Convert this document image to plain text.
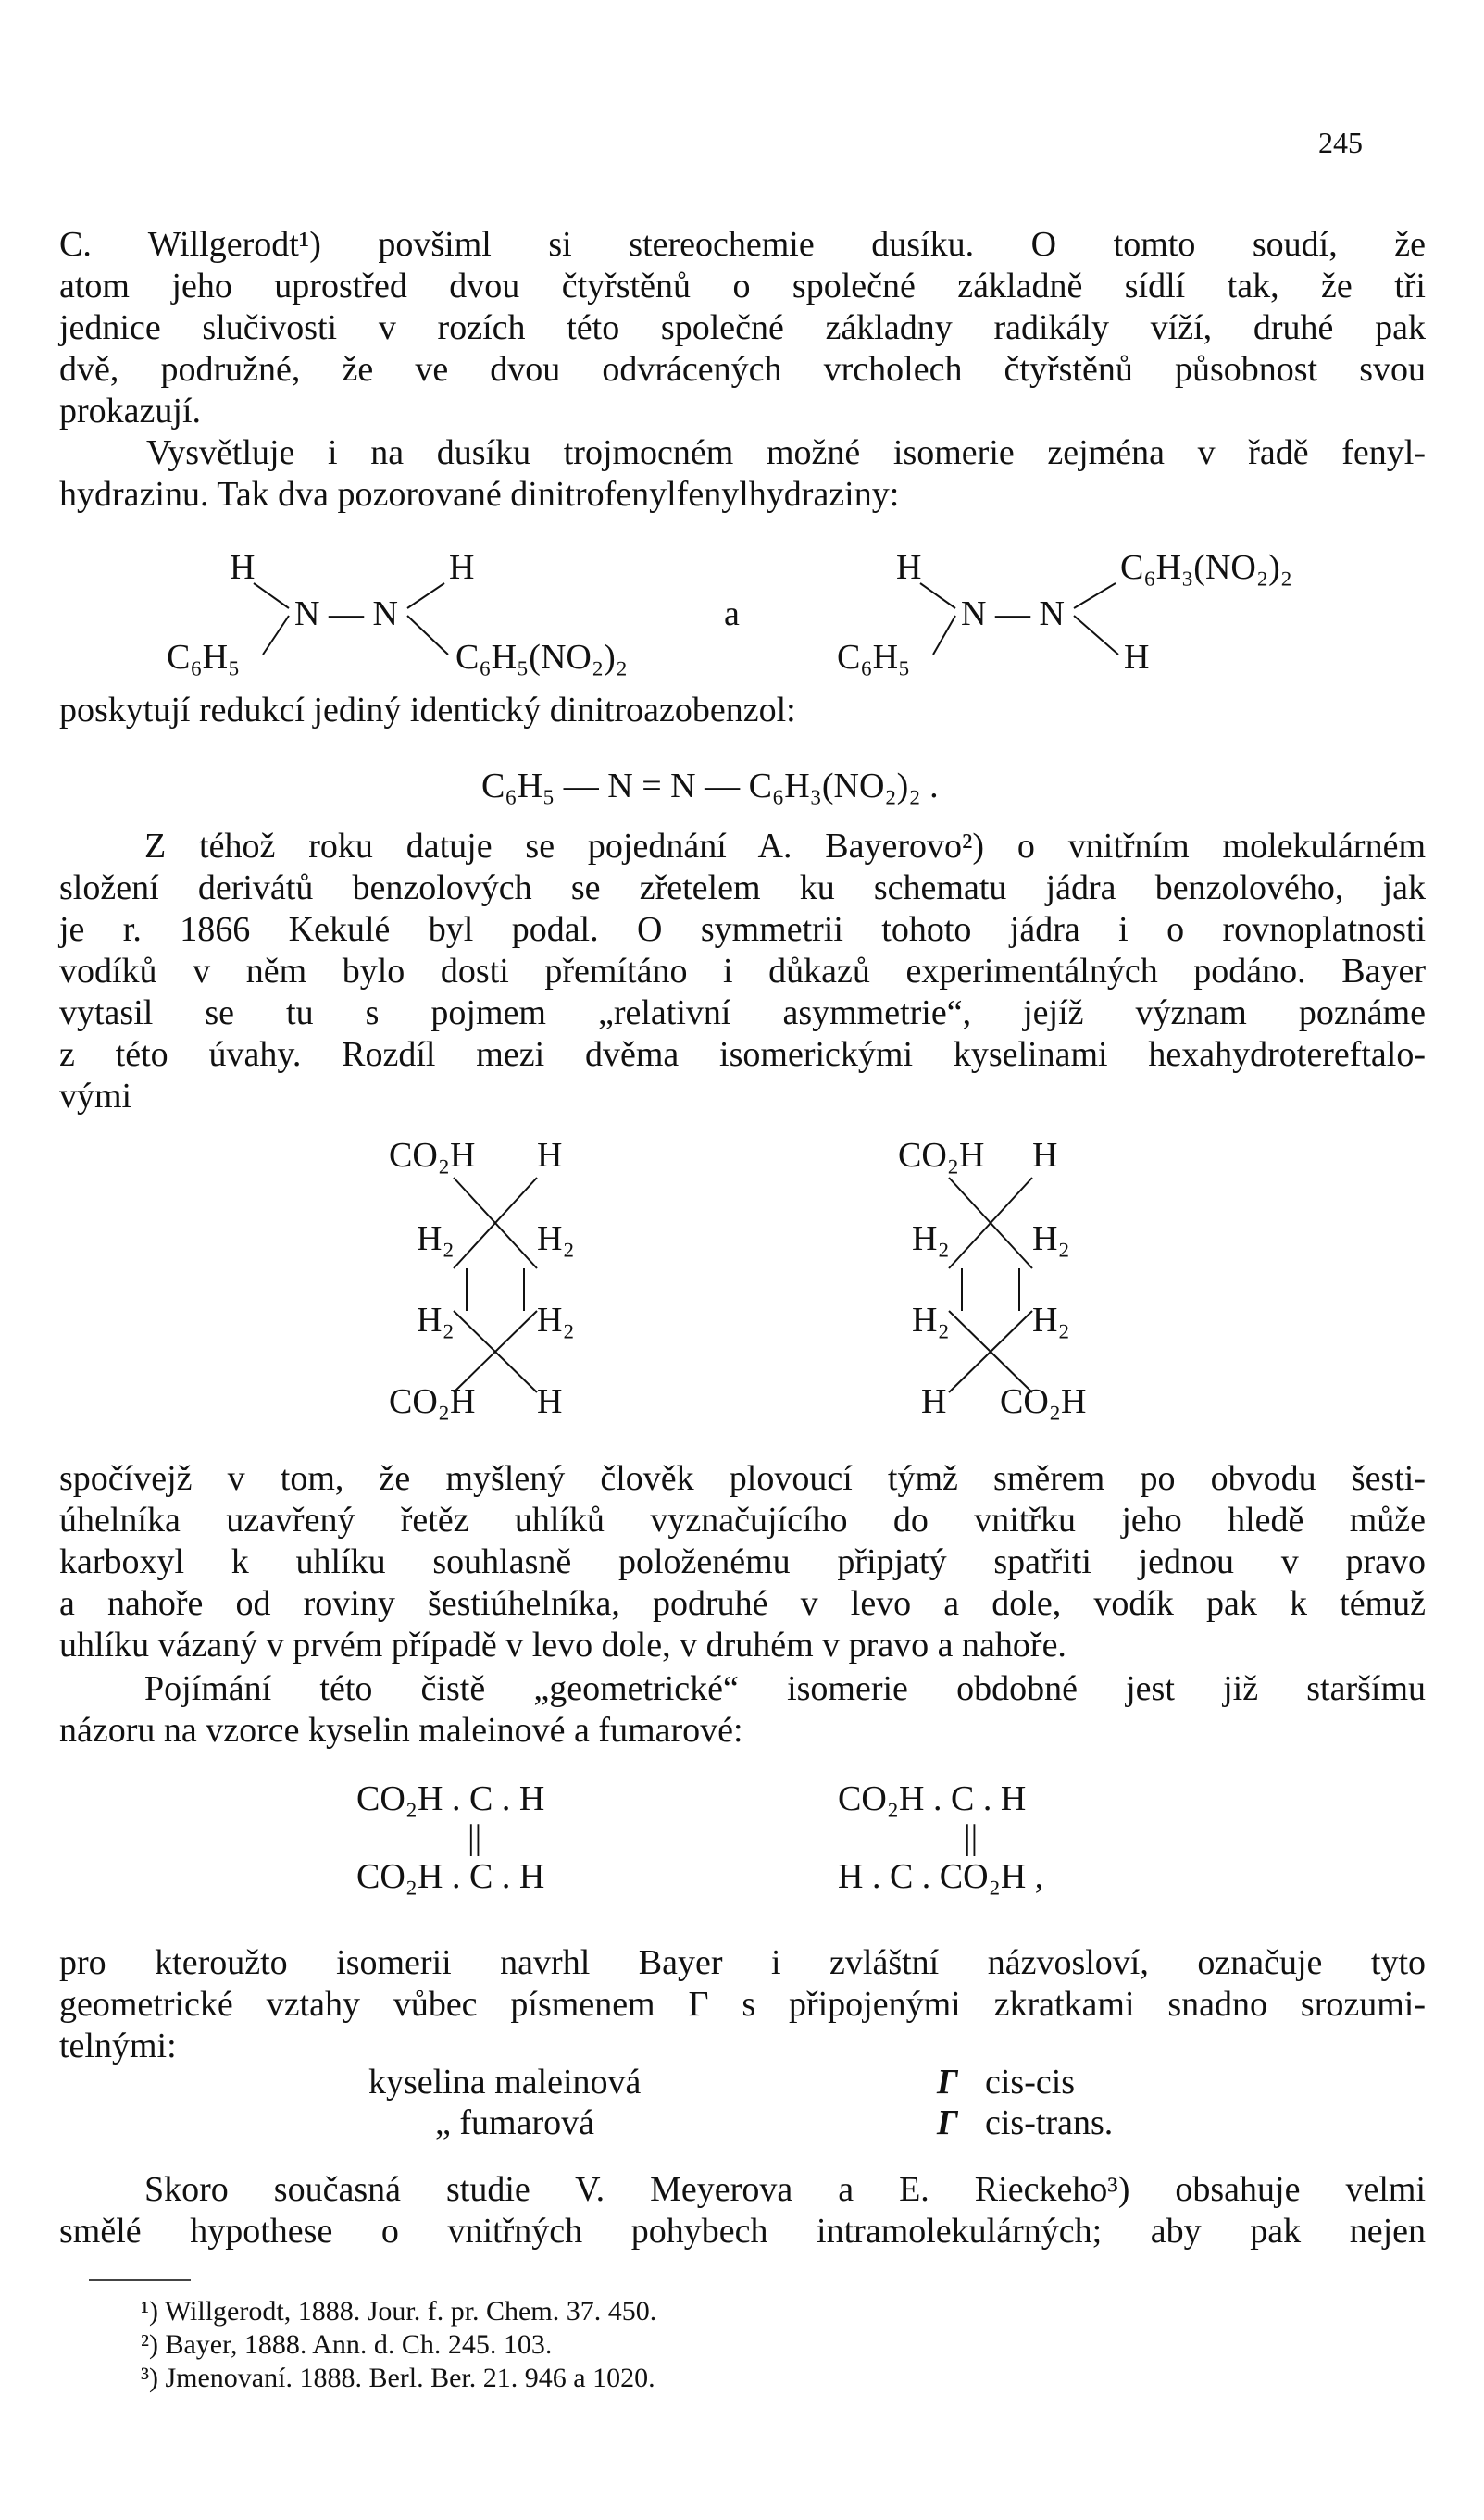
245
C. Willgerodt¹) povšiml si stereochemie dusíku. O tomto soudí, že
atom jeho uprostřed dvou čtyřstěnů o společné základně sídlí tak, že tři
jednice slučivosti v rozích této společné základny radikály víží, druhé pak
dvě, podružné, že ve dvou odvrácených vrcholech čtyřstěnů působnost svou
prokazují.
Vysvětluje i na dusíku trojmocném možné isomerie zejména v řadě fenyl-
hydrazinu. Tak dva pozorované dinitrofenylfenylhydraziny:
H
C₆H₅
N — N
H
C₆H₅(NO₂)₂
a
H
C₆H₅
N — N
C₆H₃(NO₂)₂
H
poskytují redukcí jediný identický dinitroazobenzol:
C₆H₅ — N = N — C₆H₃(NO₂)₂ .
Z téhož roku datuje se pojednání A. Bayerovo²) o vnitřním molekulárném
složení derivátů benzolových se zřetelem ku schematu jádra benzolového, jak
je r. 1866 Kekulé byl podal. O symmetrii tohoto jádra i o rovnoplatnosti
vodíků v něm bylo dosti přemítáno i důkazů experimentálných podáno. Bayer
vytasil se tu s pojmem „relativní asymmetrie“, jejíž význam poznáme
z této úvahy. Rozdíl mezi dvěma isomerickými kyselinami hexahydrotereftalo-
vými
CO₂H H
H₂ H₂
H₂ H₂
CO₂H H
CO₂H H
H₂ H₂
H₂ H₂
H CO₂H
spočívejž v tom, že myšlený člověk plovoucí týmž směrem po obvodu šesti-
úhelníka uzavřený řetěz uhlíků vyznačujícího do vnitřku jeho hledě může
karboxyl k uhlíku souhlasně položenému připjatý spatřiti jednou v pravo
a nahoře od roviny šestiúhelníka, podruhé v levo a dole, vodík pak k témuž
uhlíku vázaný v prvém případě v levo dole, v druhém v pravo a nahoře.
Pojímání této čistě „geometrické“ isomerie obdobné jest již staršímu
názoru na vzorce kyselin maleinové a fumarové:
CO₂H . C . H
||
CO₂H . C . H
CO₂H . C . H
||
H . C . CO₂H ,
pro kteroužto isomerii navrhl Bayer i zvláštní názvosloví, označuje tyto
geometrické vztahy vůbec písmenem Γ s připojenými zkratkami snadno srozumi-
telnými:
kyselina maleinová	Γ cis-cis
„ fumarová	Γ cis-trans.
Skoro současná studie V. Meyerova a E. Rieckeho³) obsahuje velmi
smělé hypothese o vnitřných pohybech intramolekulárných; aby pak nejen
¹) Willgerodt, 1888. Jour. f. pr. Chem. 37. 450.
²) Bayer, 1888. Ann. d. Ch. 245. 103.
³) Jmenovaní. 1888. Berl. Ber. 21. 946 a 1020.
